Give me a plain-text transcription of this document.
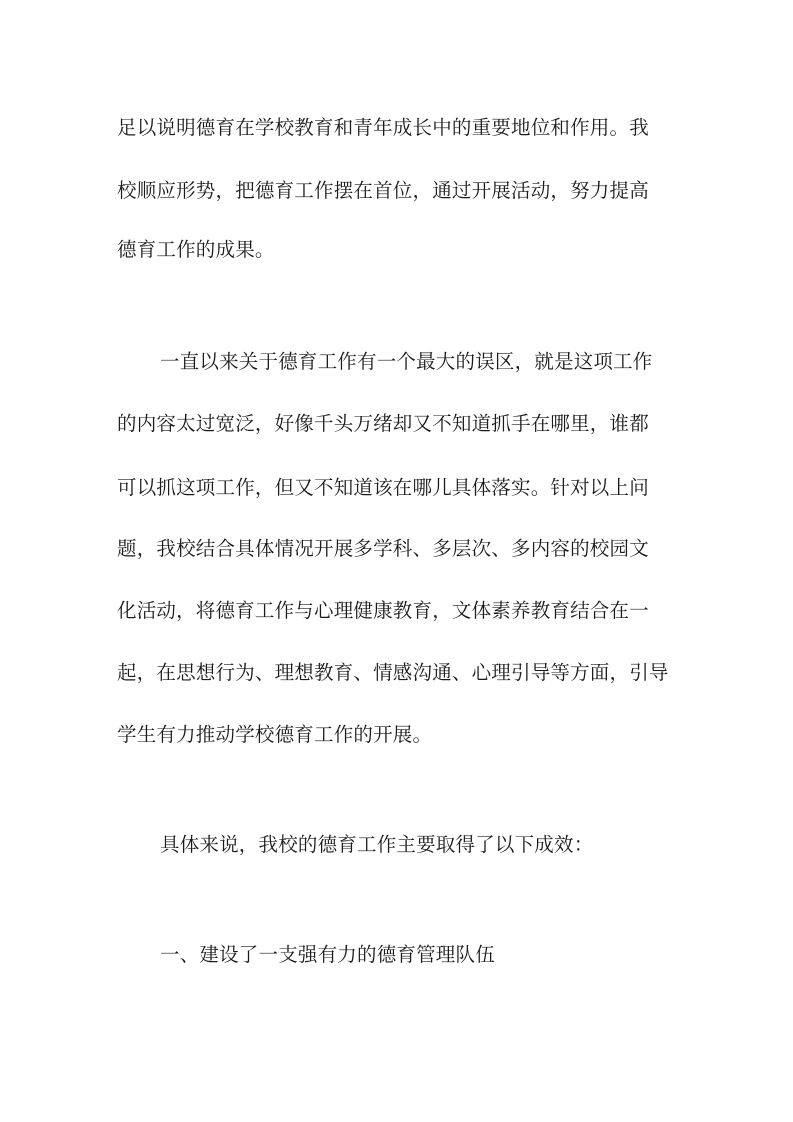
足以说明德育在学校教育和青年成长中的重要地位和作用。我
校顺应形势，把德育工作摆在首位，通过开展活动，努力提高
德育工作的成果。
一直以来关于德育工作有一个最大的误区，就是这项工作
的内容太过宽泛，好像千头万绪却又不知道抓手在哪里，谁都
可以抓这项工作，但又不知道该在哪儿具体落实。针对以上问
题，我校结合具体情况开展多学科、多层次、多内容的校园文
化活动，将德育工作与心理健康教育，文体素养教育结合在一
起，在思想行为、理想教育、情感沟通、心理引导等方面，引导
学生有力推动学校德育工作的开展。
具体来说，我校的德育工作主要取得了以下成效：
一、建设了一支强有力的德育管理队伍
